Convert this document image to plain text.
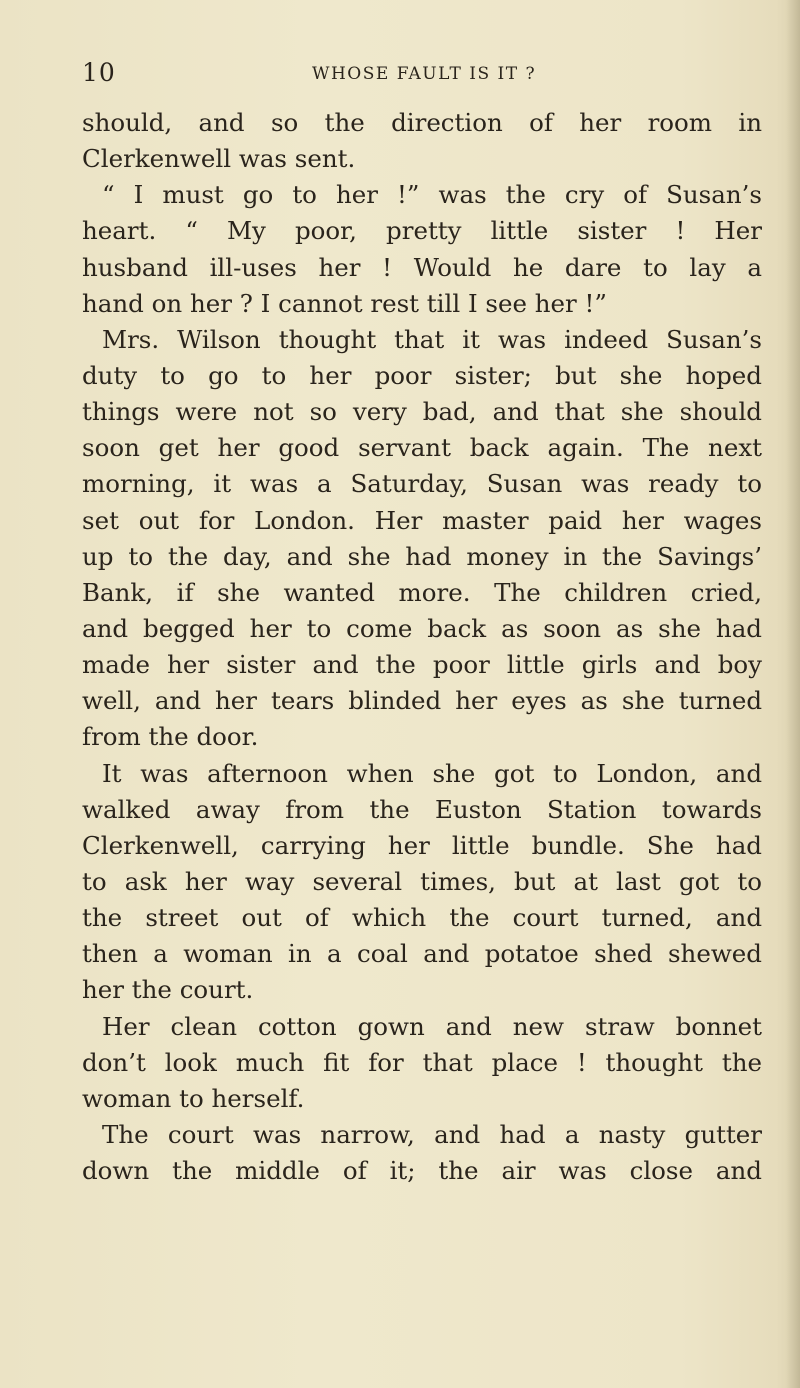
10	WHOSE FAULT IS IT ?
should, and so the direction of her room in
Clerkenwell was sent.
“ I must go to her !” was the cry of Susan’s
heart. “ My poor, pretty little sister ! Her
husband ill-uses her ! Would he dare to lay a
hand on her ? I cannot rest till I see her !”
Mrs. Wilson thought that it was indeed Susan’s
duty to go to her poor sister; but she hoped
things were not so very bad, and that she should
soon get her good servant back again. The next
morning, it was a Saturday, Susan was ready to
set out for London. Her master paid her wages
up to the day, and she had money in the Savings’
Bank, if she wanted more. The children cried,
and begged her to come back as soon as she had
made her sister and the poor little girls and boy
well, and her tears blinded her eyes as she turned
from the door.
It was afternoon when she got to London, and
walked away from the Euston Station towards
Clerkenwell, carrying her little bundle. She had
to ask her way several times, but at last got to
the street out of which the court turned, and
then a woman in a coal and potatoe shed shewed
her the court.
Her clean cotton gown and new straw bonnet
don’t look much fit for that place ! thought the
woman to herself.
The court was narrow, and had a nasty gutter
down the middle of it; the air was close and
